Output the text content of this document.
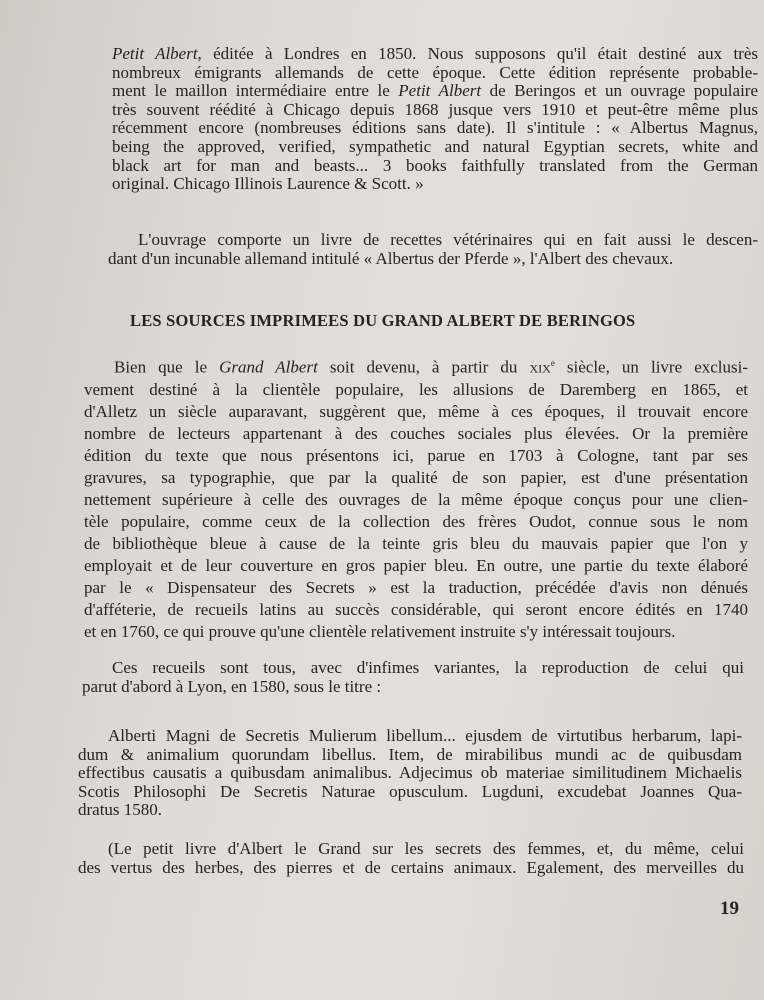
LES SOURCES IMPRIMEES DU GRAND ALBERT DE BERINGOS
19
Petit Albert, éditée à Londres en 1850. Nous supposons qu'il était destiné aux très
nombreux émigrants allemands de cette époque. Cette édition représente probable-
ment le maillon intermédiaire entre le Petit Albert de Beringos et un ouvrage populaire
très souvent réédité à Chicago depuis 1868 jusque vers 1910 et peut-être même plus
récemment encore (nombreuses éditions sans date). Il s'intitule : « Albertus Magnus,
being the approved, verified, sympathetic and natural Egyptian secrets, white and
black art for man and beasts... 3 books faithfully translated from the German
original. Chicago Illinois Laurence & Scott. »
L'ouvrage comporte un livre de recettes vétérinaires qui en fait aussi le descen-
dant d'un incunable allemand intitulé « Albertus der Pferde », l'Albert des chevaux.
Bien que le Grand Albert soit devenu, à partir du xix$^e$ siècle, un livre exclusi-
vement destiné à la clientèle populaire, les allusions de Daremberg en 1865, et
d'Alletz un siècle auparavant, suggèrent que, même à ces époques, il trouvait encore
nombre de lecteurs appartenant à des couches sociales plus élevées. Or la première
édition du texte que nous présentons ici, parue en 1703 à Cologne, tant par ses
gravures, sa typographie, que par la qualité de son papier, est d'une présentation
nettement supérieure à celle des ouvrages de la même époque conçus pour une clien-
tèle populaire, comme ceux de la collection des frères Oudot, connue sous le nom
de bibliothèque bleue à cause de la teinte gris bleu du mauvais papier que l'on y
employait et de leur couverture en gros papier bleu. En outre, une partie du texte élaboré
par le « Dispensateur des Secrets » est la traduction, précédée d'avis non dénués
d'afféterie, de recueils latins au succès considérable, qui seront encore édités en 1740
et en 1760, ce qui prouve qu'une clientèle relativement instruite s'y intéressait toujours.
Ces recueils sont tous, avec d'infimes variantes, la reproduction de celui qui
parut d'abord à Lyon, en 1580, sous le titre :
Alberti Magni de Secretis Mulierum libellum... ejusdem de virtutibus herbarum, lapi-
dum & animalium quorundam libellus. Item, de mirabilibus mundi ac de quibusdam
effectibus causatis a quibusdam animalibus. Adjecimus ob materiae similitudinem Michaelis
Scotis Philosophi De Secretis Naturae opusculum. Lugduni, excudebat Joannes Qua-
dratus 1580.
(Le petit livre d'Albert le Grand sur les secrets des femmes, et, du même, celui
des vertus des herbes, des pierres et de certains animaux. Egalement, des merveilles du
